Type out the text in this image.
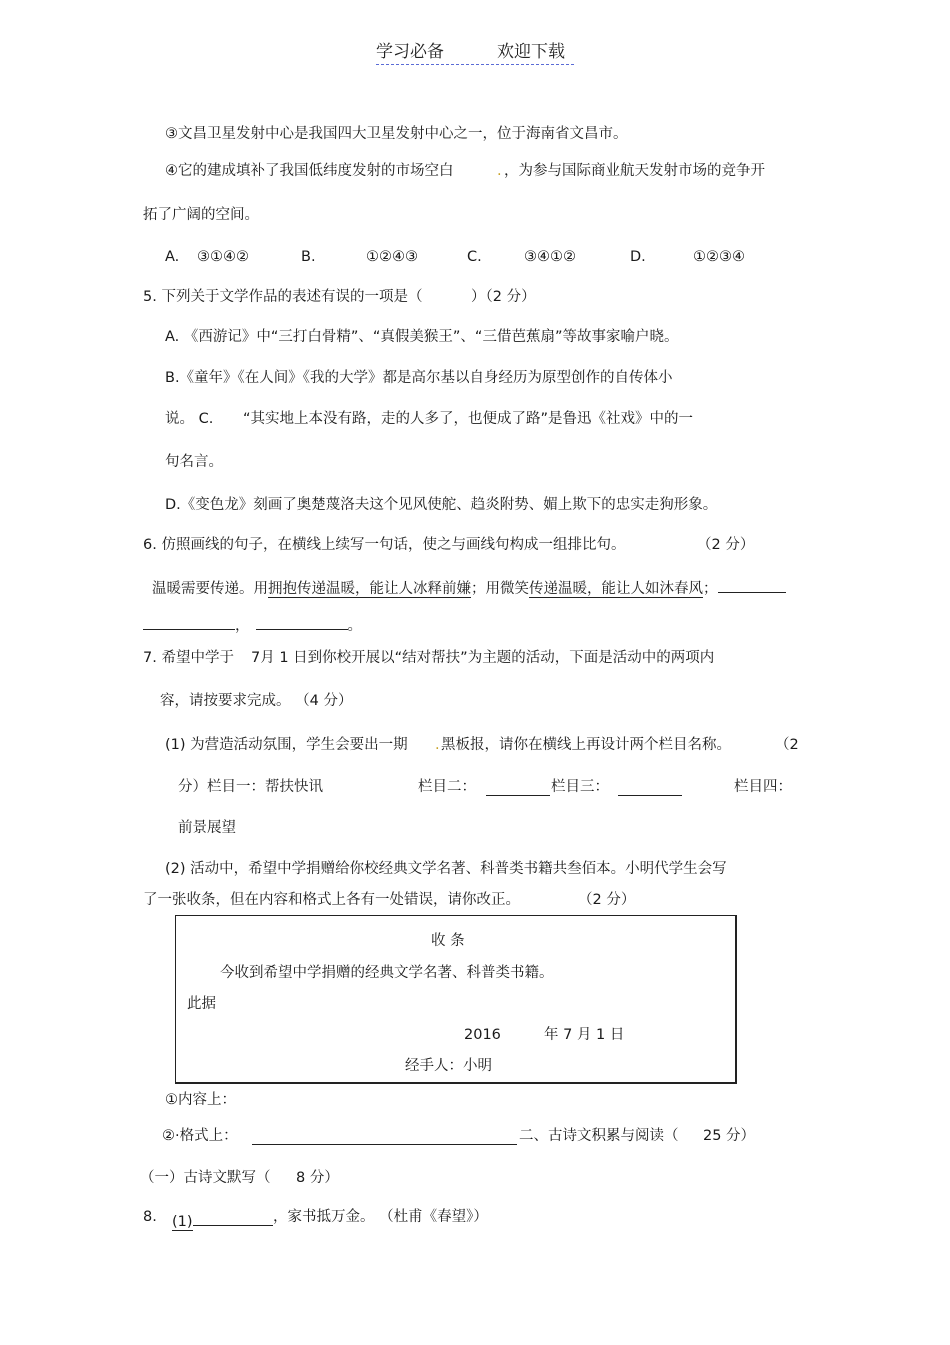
学习必备	欢迎下载
③文昌卫星发射中心是我国四大卫星发射中心之一，位于海南省文昌市。
④它的建成填补了我国低纬度发射的市场空白	. ，为参与国际商业航天发射市场的竞争开
拓了广阔的空间。
A. ③①④②	B.	①②④③	C.	③④①②	D.	①②③④
5. 下列关于文学作品的表述有误的一项是（	）（2 分）
A. 《西游记》中“三打白骨精”、“真假美猴王”、“三借芭蕉扇”等故事家喻户晓。
B.《童年》《在人间》《我的大学》都是高尔基以自身经历为原型创作的自传体小
说。 C. “其实地上本没有路，走的人多了，也便成了路”是鲁迅《社戏》中的一
句名言。
D.《变色龙》刻画了奥楚蔑洛夫这个见风使舵、趋炎附势、媚上欺下的忠实走狗形象。
6. 仿照画线的句子，在横线上续写一句话，使之与画线句构成一组排比句。	（2 分）
温暖需要传递。用拥抱传递温暖，能让人冰释前嫌；用微笑传递温暖，能让人如沐春风；
，	。
7. 希望中学于 7月 1 日到你校开展以“结对帮扶”为主题的活动，下面是活动中的两项内
容，请按要求完成。 （4 分）
(1) 为营造活动氛围，学生会要出一期 . 黑板报，请你在横线上再设计两个栏目名称。	（2
分）栏目一：帮扶快讯	栏目二：	栏目三：	栏目四：
前景展望
(2) 活动中，希望中学捐赠给你校经典文学名著、科普类书籍共叁佰本。小明代学生会写
了一张收条，但在内容和格式上各有一处错误，请你改正。	（2 分）
收 条
今收到希望中学捐赠的经典文学名著、科普类书籍。
此据
2016	年 7 月 1 日
经手人：小明
①内容上：
②·格式上：	二、古诗文积累与阅读（ 25 分）
（一）古诗文默写（ 8 分）
8. (1)	，家书抵万金。 （杜甫《春望》）
